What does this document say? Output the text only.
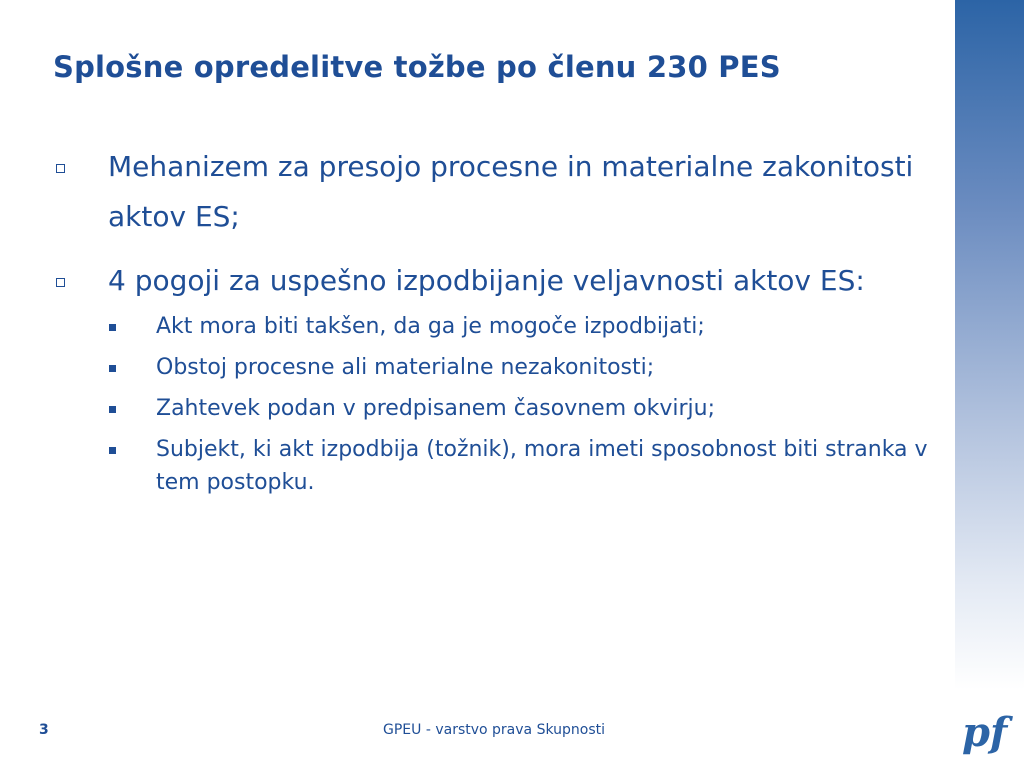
Splošne opredelitve tožbe po členu 230 PES
Mehanizem za presojo procesne in materialne zakonitosti aktov ES;
4 pogoji za uspešno izpodbijanje veljavnosti aktov ES:
Akt mora biti takšen, da ga je mogoče izpodbijati;
Obstoj procesne ali materialne nezakonitosti;
Zahtevek podan v predpisanem časovnem okvirju;
Subjekt, ki akt izpodbija (tožnik), mora imeti sposobnost biti stranka v tem postopku.
3	GPEU - varstvo prava Skupnosti	pf
